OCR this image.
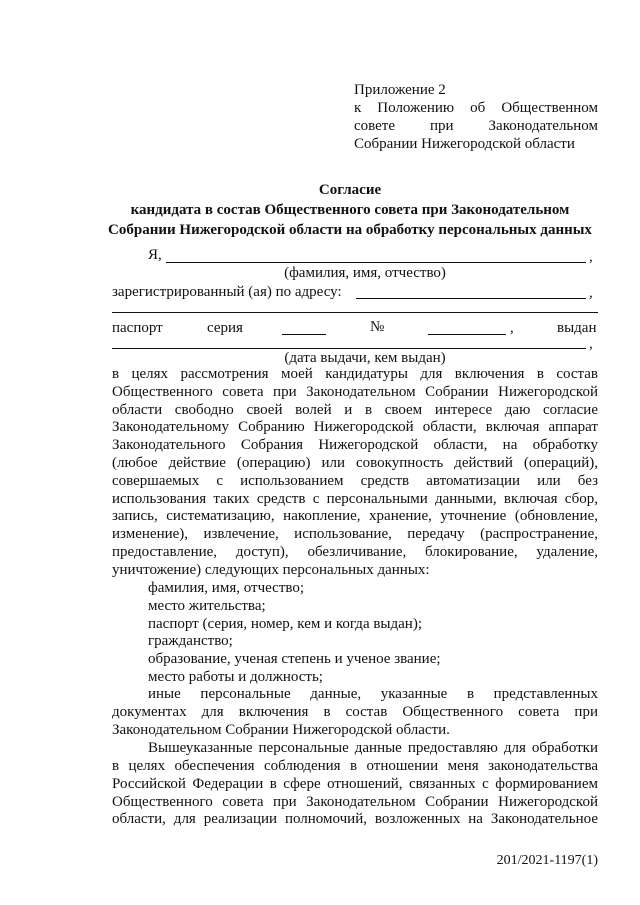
Приложение 2
к Положению об Общественном
совете при Законодательном
Собрании Нижегородской области
Согласие
кандидата в состав Общественного совета при Законодательном
Собрании Нижегородской области на обработку персональных данных
Я,	,
(фамилия, имя, отчество)
зарегистрированный (ая) по адресу:	,
паспорт	серия	№	,	выдан
,
(дата выдачи, кем выдан)
в целях рассмотрения моей кандидатуры для включения в состав
Общественного совета при Законодательном Собрании Нижегородской
области свободно своей волей и в своем интересе даю согласие
Законодательному Собранию Нижегородской области, включая аппарат
Законодательного Собрания Нижегородской области, на обработку
(любое действие (операцию) или совокупность действий (операций),
совершаемых с использованием средств автоматизации или без
использования таких средств с персональными данными, включая сбор,
запись, систематизацию, накопление, хранение, уточнение (обновление,
изменение), извлечение, использование, передачу (распространение,
предоставление, доступ), обезличивание, блокирование, удаление,
уничтожение) следующих персональных данных:
фамилия, имя, отчество;
место жительства;
паспорт (серия, номер, кем и когда выдан);
гражданство;
образование, ученая степень и ученое звание;
место работы и должность;
иные персональные данные, указанные в представленных
документах для включения в состав Общественного совета при
Законодательном Собрании Нижегородской области.
Вышеуказанные персональные данные предоставляю для обработки
в целях обеспечения соблюдения в отношении меня законодательства
Российской Федерации в сфере отношений, связанных с формированием
Общественного совета при Законодательном Собрании Нижегородской
области, для реализации полномочий, возложенных на Законодательное
201/2021-1197(1)
